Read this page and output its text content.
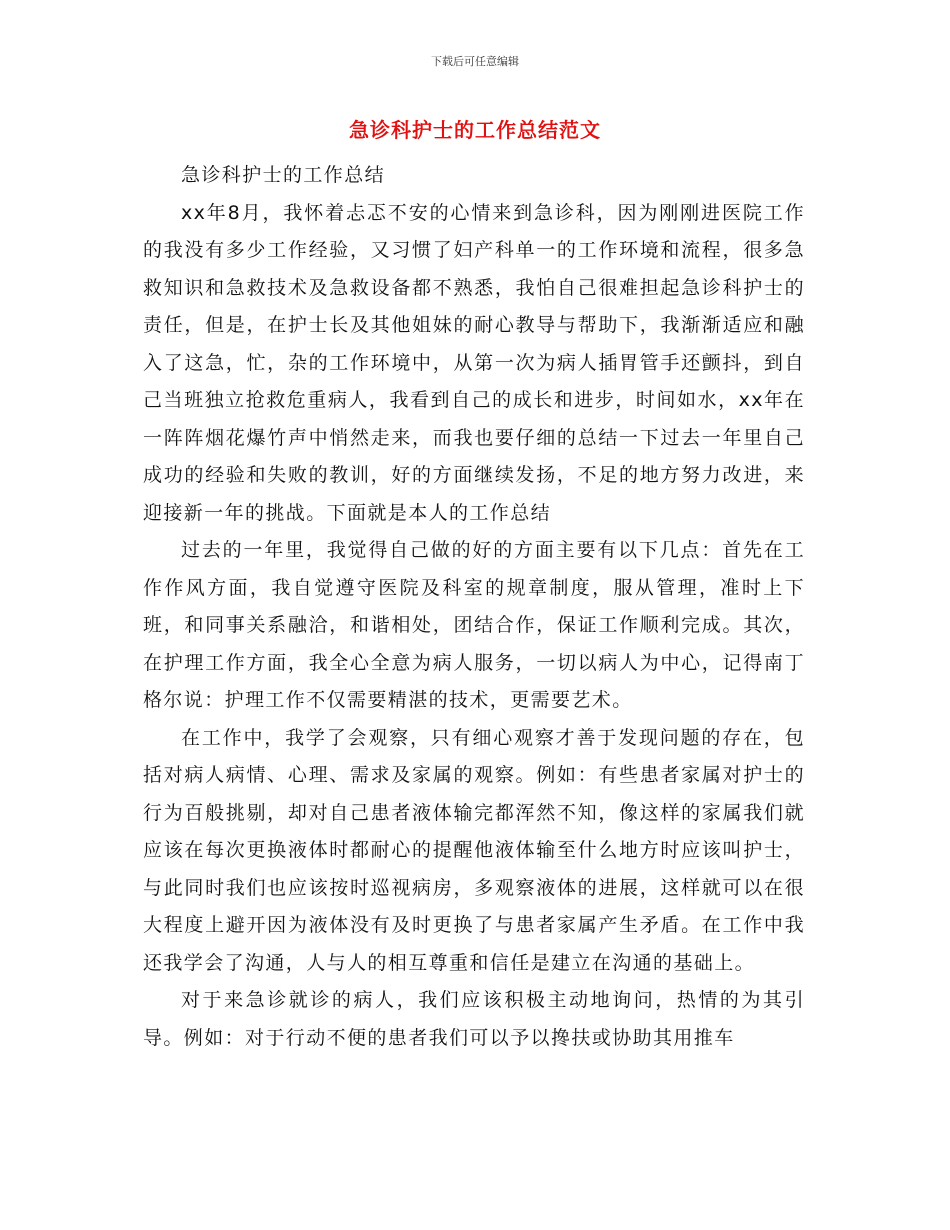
下载后可任意编辑
急诊科护士的工作总结范文

急诊科护士的工作总结

xx年8月，我怀着忐忑不安的心情来到急诊科，因为刚刚进医院工作的我没有多少工作经验，又习惯了妇产科单一的工作环境和流程，很多急救知识和急救技术及急救设备都不熟悉，我怕自己很难担起急诊科护士的责任，但是，在护士长及其他姐妹的耐心教导与帮助下，我渐渐适应和融入了这急，忙，杂的工作环境中，从第一次为病人插胃管手还颤抖，到自己当班独立抢救危重病人，我看到自己的成长和进步，时间如水，xx年在一阵阵烟花爆竹声中悄然走来，而我也要仔细的总结一下过去一年里自己成功的经验和失败的教训，好的方面继续发扬，不足的地方努力改进，来迎接新一年的挑战。下面就是本人的工作总结

过去的一年里，我觉得自己做的好的方面主要有以下几点：首先在工作作风方面，我自觉遵守医院及科室的规章制度，服从管理，准时上下班，和同事关系融洽，和谐相处，团结合作，保证工作顺利完成。其次，在护理工作方面，我全心全意为病人服务，一切以病人为中心，记得南丁格尔说：护理工作不仅需要精湛的技术，更需要艺术。

在工作中，我学了会观察，只有细心观察才善于发现问题的存在，包括对病人病情、心理、需求及家属的观察。例如：有些患者家属对护士的行为百般挑剔，却对自己患者液体输完都浑然不知，像这样的家属我们就应该在每次更换液体时都耐心的提醒他液体输至什么地方时应该叫护士，与此同时我们也应该按时巡视病房，多观察液体的进展，这样就可以在很大程度上避开因为液体没有及时更换了与患者家属产生矛盾。在工作中我还我学会了沟通，人与人的相互尊重和信任是建立在沟通的基础上。

对于来急诊就诊的病人，我们应该积极主动地询问，热情的为其引导。例如：对于行动不便的患者我们可以予以搀扶或协助其用推车
